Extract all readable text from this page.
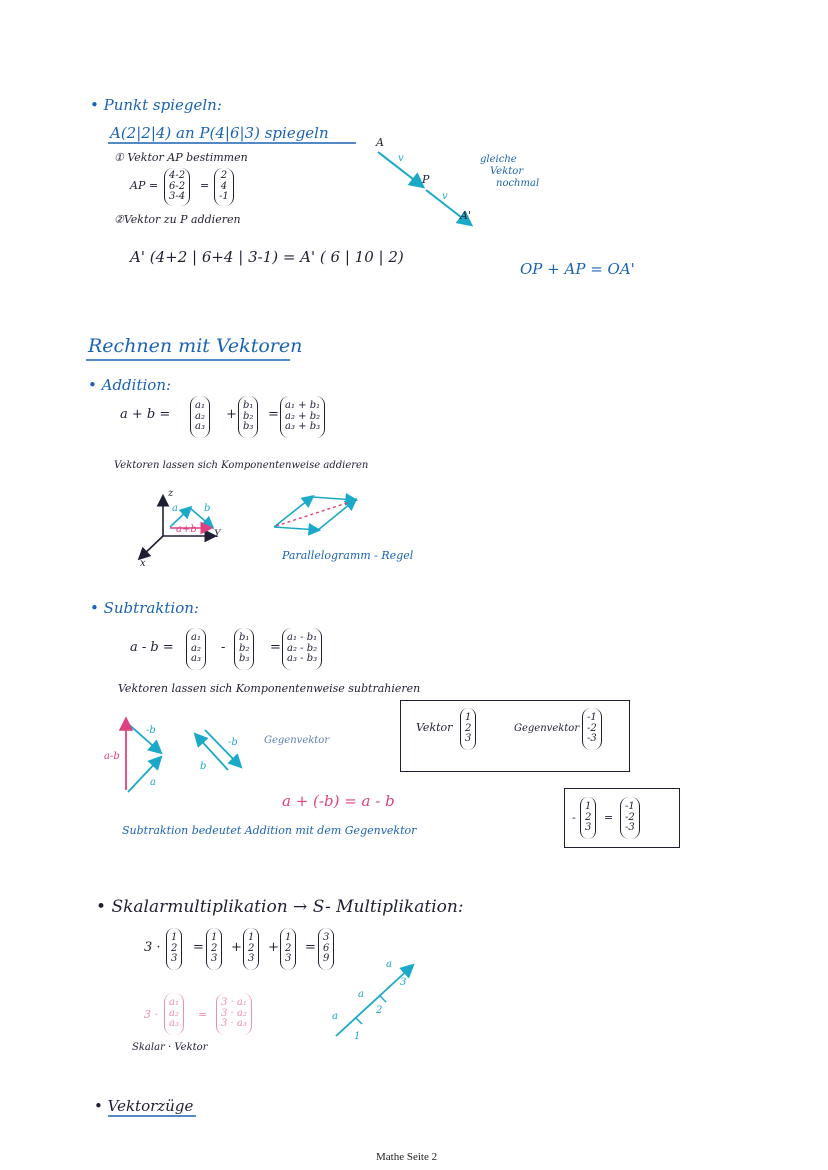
• Punkt spiegeln:
A(2|2|4) an P(4|6|3) spiegeln
① Vektor AP bestimmen
AP =
4-2
6-2
3-4
=
2
4
-1
②Vektor zu P addieren
A' (4+2 | 6+4 | 3-1) = A' ( 6 | 10 | 2)
A
P
A'
v
v
gleiche
Vektor
nochmal
OP + AP = OA'
Rechnen mit Vektoren
• Addition:
a + b =
a₁
a₂
a₃
+
b₁
b₂
b₃
=
a₁ + b₁
a₂ + b₂
a₃ + b₃
Vektoren lassen sich Komponentenweise addieren
z
Y
x
a	b
a+b
Parallelogramm - Regel
• Subtraktion:
a - b =
a₁
a₂
a₃
-
b₁
b₂
b₃
=
a₁ - b₁
a₂ - b₂
a₃ - b₃
Vektoren lassen sich Komponentenweise subtrahieren
-b
a-b
a
b
-b	Gegenvektor
Vektor
1
2
3
Gegenvektor
-1
-2
-3
a + (-b) = a - b
Subtraktion bedeutet Addition mit dem Gegenvektor
-
1
2
3
=
-1
-2
-3
• Skalarmultiplikation → S- Multiplikation:
3 ·
1
2
3
=
1
2
3
+
1
2
3
+
1
2
3
=
3
6
9
3 ·
a₁
a₂
a₃
=
3 · a₁
3 · a₂
3 · a₃
Skalar · Vektor
a
a
a
1
2
3
• Vektorzüge
Mathe Seite 2
